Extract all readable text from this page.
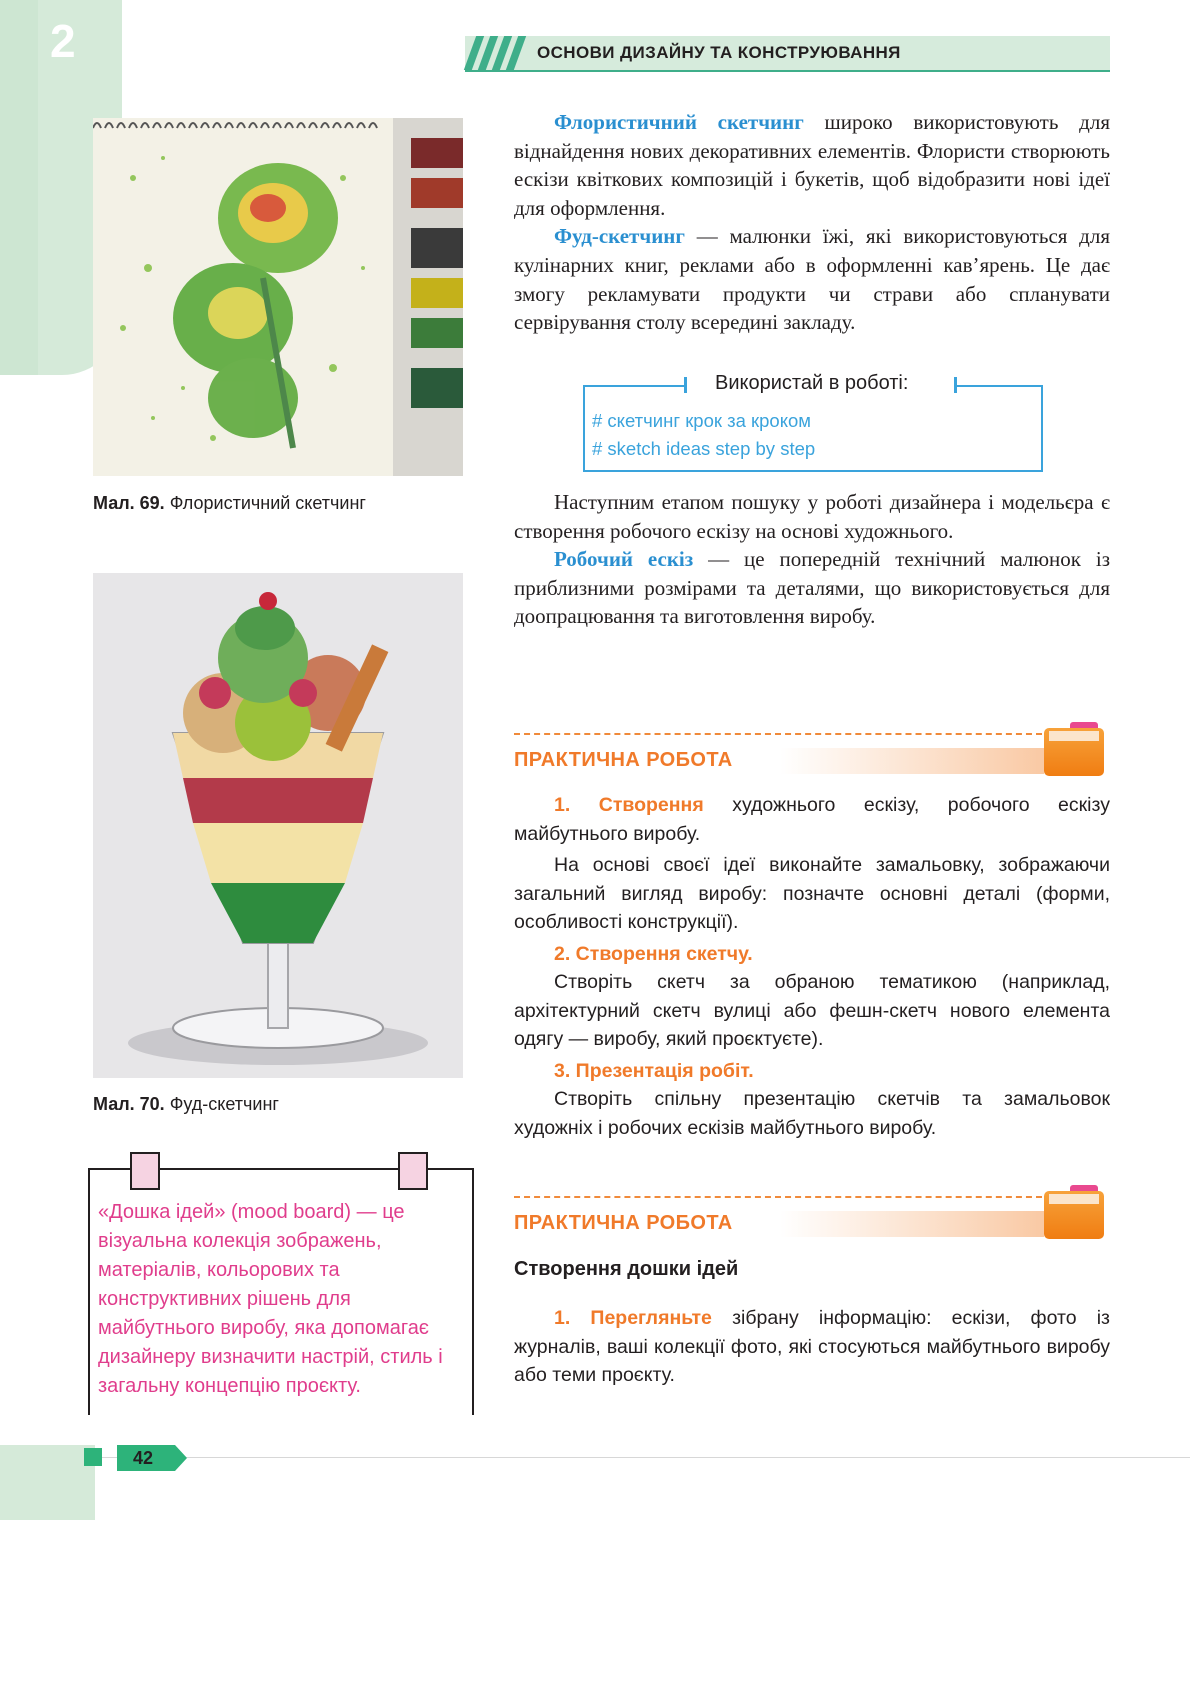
2	ОСНОВИ ДИЗАЙНУ ТА КОНСТРУЮВАННЯ
Мал. 69. Флористичний скетчинг
Мал. 70. Фуд-скетчинг
Флористичний скетчинг широко використовують для віднайдення нових декоративних елементів. Флористи створюють ескізи квіткових композицій і букетів, щоб відобразити нові ідеї для оформлення.
Фуд-скетчинг — малюнки їжі, які використовуються для кулінарних книг, реклами або в оформленні кав’ярень. Це дає змогу рекламувати продукти чи страви або спланувати сервірування столу всередині закладу.
Використай в роботі:
# скетчинг крок за кроком
# sketch ideas step by step
Наступним етапом пошуку у роботі дизайнера і модельєра є створення робочого ескізу на основі художнього.
Робочий ескіз — це попередній технічний малюнок із приблизними розмірами та деталями, що використовується для доопрацювання та виготовлення виробу.
ПРАКТИЧНА РОБОТА
1. Створення художнього ескізу, робочого ескізу майбутнього виробу.
На основі своєї ідеї виконайте замальовку, зображаючи загальний вигляд виробу: позначте основні деталі (форми, особливості конструкції).
2. Створення скетчу.
Створіть скетч за обраною тематикою (наприклад, архітектурний скетч вулиці або фешн-скетч нового елемента одягу — виробу, який проєктуєте).
3. Презентація робіт.
Створіть спільну презентацію скетчів та замальовок художніх і робочих ескізів майбутнього виробу.
ПРАКТИЧНА РОБОТА
Створення дошки ідей
1. Перегляньте зібрану інформацію: ескізи, фото із журналів, ваші колекції фото, які стосуються майбутнього виробу або теми проєкту.
«Дошка ідей» (mood board) — це візуальна колекція зображень, матеріалів, кольорових та конструктивних рішень для майбутнього виробу, яка допомагає дизайнеру визначити настрій, стиль і загальну концепцію проєкту.
42
